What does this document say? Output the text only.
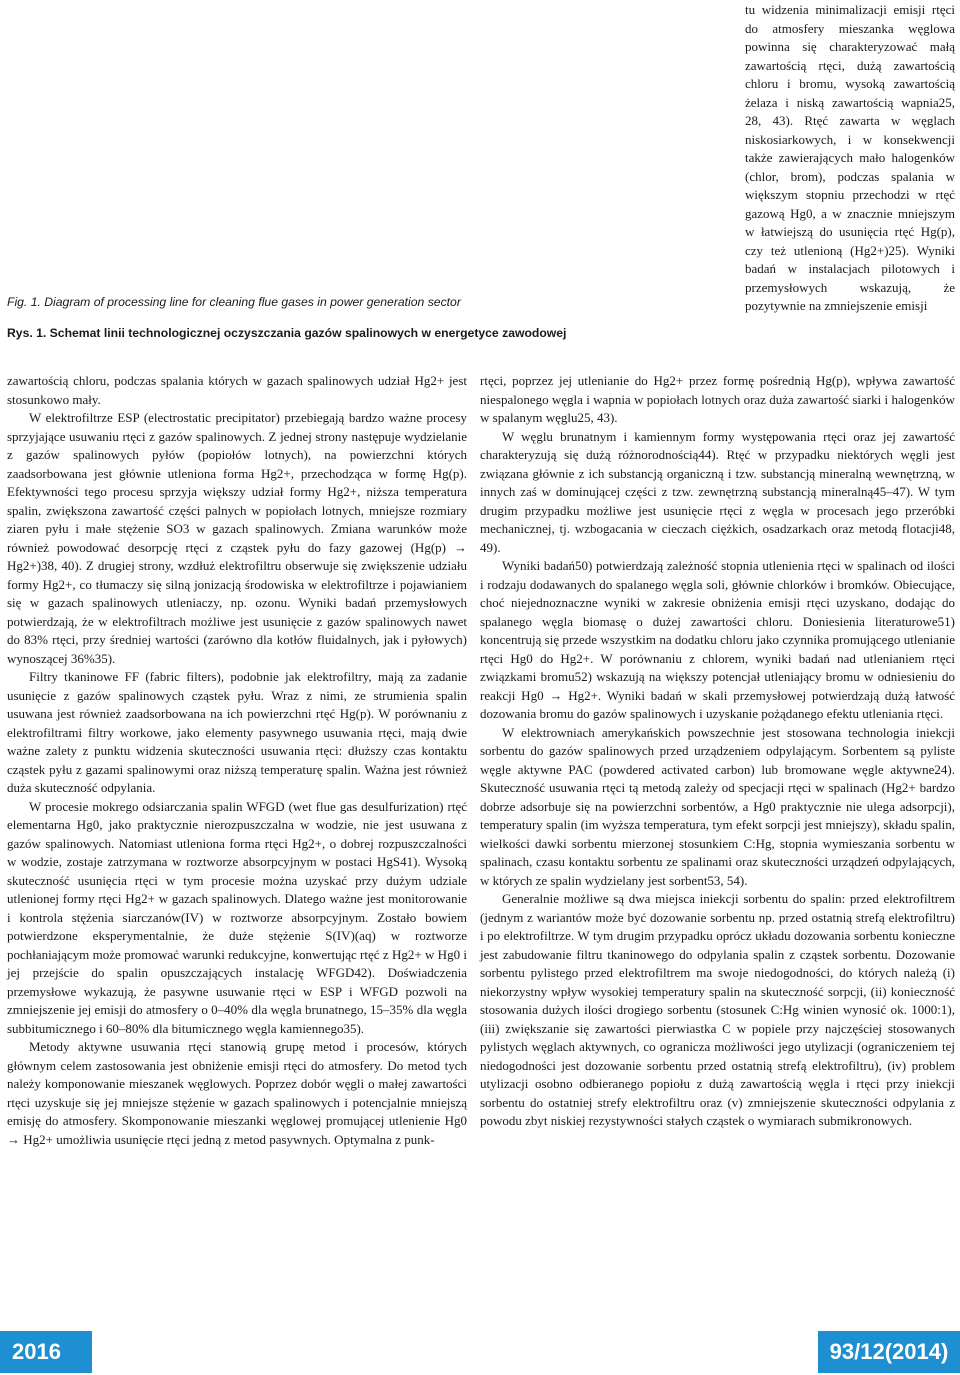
Fig. 1. Diagram of processing line for cleaning flue gases in power generation sector
Rys. 1. Schemat linii technologicznej oczyszczania gazów spalinowych w energetyce zawodowej

tu widzenia minimalizacji emisji rtęci do atmosfery mieszanka węglowa powinna się charakteryzować małą zawartością rtęci, dużą zawartością chloru i bromu, wysoką zawartością żelaza i niską zawartością wapnia25, 28, 43). Rtęć zawarta w węglach niskosiarkowych, i w konsekwencji także zawierających mało halogenków (chlor, brom), podczas spalania w większym stopniu przechodzi w rtęć gazową Hg0, a w znacznie mniejszym w łatwiejszą do usunięcia rtęć Hg(p), czy też utlenioną (Hg2+)25). Wyniki badań w instalacjach pilotowych i przemysłowych wskazują, że pozytywnie na zmniejszenie emisji

zawartością chloru, podczas spalania których w gazach spalinowych udział Hg2+ jest stosunkowo mały.

W elektrofiltrze ESP (electrostatic precipitator) przebiegają bardzo ważne procesy sprzyjające usuwaniu rtęci z gazów spalinowych. Z jednej strony następuje wydzielanie z gazów spalinowych pyłów (popiołów lotnych), na powierzchni których zaadsorbowana jest głównie utleniona forma Hg2+, przechodząca w formę Hg(p). Efektywności tego procesu sprzyja większy udział formy Hg2+, niższa temperatura spalin, zwiększona zawartość części palnych w popiołach lotnych, mniejsze rozmiary ziaren pyłu i małe stężenie SO3 w gazach spalinowych. Zmiana warunków może również powodować desorpcję rtęci z cząstek pyłu do fazy gazowej (Hg(p) → Hg2+)38, 40). Z drugiej strony, wzdłuż elektrofiltru obserwuje się zwiększenie udziału formy Hg2+, co tłumaczy się silną jonizacją środowiska w elektrofiltrze i pojawianiem się w gazach spalinowych utleniaczy, np. ozonu. Wyniki badań przemysłowych potwierdzają, że w elektrofiltrach możliwe jest usunięcie z gazów spalinowych nawet do 83% rtęci, przy średniej wartości (zarówno dla kotłów fluidalnych, jak i pyłowych) wynoszącej 36%35).

Filtry tkaninowe FF (fabric filters), podobnie jak elektrofiltry, mają za zadanie usunięcie z gazów spalinowych cząstek pyłu. Wraz z nimi, ze strumienia spalin usuwana jest również zaadsorbowana na ich powierzchni rtęć Hg(p). W porównaniu z elektrofiltrami filtry workowe, jako elementy pasywnego usuwania rtęci, mają dwie ważne zalety z punktu widzenia skuteczności usuwania rtęci: dłuższy czas kontaktu cząstek pyłu z gazami spalinowymi oraz niższą temperaturę spalin. Ważna jest również duża skuteczność odpylania.

W procesie mokrego odsiarczania spalin WFGD (wet flue gas desulfurization) rtęć elementarna Hg0, jako praktycznie nierozpuszczalna w wodzie, nie jest usuwana z gazów spalinowych. Natomiast utleniona forma rtęci Hg2+, o dobrej rozpuszczalności w wodzie, zostaje zatrzymana w roztworze absorpcyjnym w postaci HgS41). Wysoką skuteczność usunięcia rtęci w tym procesie można uzyskać przy dużym udziale utlenionej formy rtęci Hg2+ w gazach spalinowych. Dlatego ważne jest monitorowanie i kontrola stężenia siarczanów(IV) w roztworze absorpcyjnym. Zostało bowiem potwierdzone eksperymentalnie, że duże stężenie S(IV)(aq) w roztworze pochłaniającym może promować warunki redukcyjne, konwertując rtęć z Hg2+ w Hg0 i jej przejście do spalin opuszczających instalację WFGD42). Doświadczenia przemysłowe wykazują, że pasywne usuwanie rtęci w ESP i WFGD pozwoli na zmniejszenie jej emisji do atmosfery o 0–40% dla węgla brunatnego, 15–35% dla węgla subbitumicznego i 60–80% dla bitumicznego węgla kamiennego35).

Metody aktywne usuwania rtęci stanowią grupę metod i procesów, których głównym celem zastosowania jest obniżenie emisji rtęci do atmosfery. Do metod tych należy komponowanie mieszanek węglowych. Poprzez dobór węgli o małej zawartości rtęci uzyskuje się jej mniejsze stężenie w gazach spalinowych i potencjalnie mniejszą emisję do atmosfery. Skomponowanie mieszanki węglowej promującej utlenienie Hg0 → Hg2+ umożliwia usunięcie rtęci jedną z metod pasywnych. Optymalna z punk-

rtęci, poprzez jej utlenianie do Hg2+ przez formę pośrednią Hg(p), wpływa zawartość niespalonego węgla i wapnia w popiołach lotnych oraz duża zawartość siarki i halogenków w spalanym węglu25, 43).

W węglu brunatnym i kamiennym formy występowania rtęci oraz jej zawartość charakteryzują się dużą różnorodnością44). Rtęć w przypadku niektórych węgli jest związana głównie z ich substancją organiczną i tzw. substancją mineralną wewnętrzną, w innych zaś w dominującej części z tzw. zewnętrzną substancją mineralną45–47). W tym drugim przypadku możliwe jest usunięcie rtęci z węgla w procesach jego przeróbki mechanicznej, tj. wzbogacania w cieczach ciężkich, osadzarkach oraz metodą flotacji48, 49).

Wyniki badań50) potwierdzają zależność stopnia utlenienia rtęci w spalinach od ilości i rodzaju dodawanych do spalanego węgla soli, głównie chlorków i bromków. Obiecujące, choć niejednoznaczne wyniki w zakresie obniżenia emisji rtęci uzyskano, dodając do spalanego węgla biomasę o dużej zawartości chloru. Doniesienia literaturowe51) koncentrują się przede wszystkim na dodatku chloru jako czynnika promującego utlenianie rtęci Hg0 do Hg2+. W porównaniu z chlorem, wyniki badań nad utlenianiem rtęci związkami bromu52) wskazują na większy potencjał utleniający bromu w odniesieniu do reakcji Hg0 → Hg2+. Wyniki badań w skali przemysłowej potwierdzają dużą łatwość dozowania bromu do gazów spalinowych i uzyskanie pożądanego efektu utleniania rtęci.

W elektrowniach amerykańskich powszechnie jest stosowana technologia iniekcji sorbentu do gazów spalinowych przed urządzeniem odpylającym. Sorbentem są pyliste węgle aktywne PAC (powdered activated carbon) lub bromowane węgle aktywne24). Skuteczność usuwania rtęci tą metodą zależy od specjacji rtęci w spalinach (Hg2+ bardzo dobrze adsorbuje się na powierzchni sorbentów, a Hg0 praktycznie nie ulega adsorpcji), temperatury spalin (im wyższa temperatura, tym efekt sorpcji jest mniejszy), składu spalin, wielkości dawki sorbentu mierzonej stosunkiem C:Hg, stopnia wymieszania sorbentu w spalinach, czasu kontaktu sorbentu ze spalinami oraz skuteczności urządzeń odpylających, w których ze spalin wydzielany jest sorbent53, 54).

Generalnie możliwe są dwa miejsca iniekcji sorbentu do spalin: przed elektrofiltrem (jednym z wariantów może być dozowanie sorbentu np. przed ostatnią strefą elektrofiltru) i po elektrofiltrze. W tym drugim przypadku oprócz układu dozowania sorbentu konieczne jest zabudowanie filtru tkaninowego do odpylania spalin z cząstek sorbentu. Dozowanie sorbentu pylistego przed elektrofiltrem ma swoje niedogodności, do których należą (i) niekorzystny wpływ wysokiej temperatury spalin na skuteczność sorpcji, (ii) konieczność stosowania dużych ilości drogiego sorbentu (stosunek C:Hg winien wynosić ok. 1000:1), (iii) zwiększanie się zawartości pierwiastka C w popiele przy najczęściej stosowanych pylistych węglach aktywnych, co ogranicza możliwości jego utylizacji (ograniczeniem tej niedogodności jest dozowanie sorbentu przed ostatnią strefą elektrofiltru), (iv) problem utylizacji osobno odbieranego popiołu z dużą zawartością węgla i rtęci przy iniekcji sorbentu do ostatniej strefy elektrofiltru oraz (v) zmniejszenie skuteczności odpylania z powodu zbyt niskiej rezystywności stałych cząstek o wymiarach submikronowych.

2016	93/12(2014)
